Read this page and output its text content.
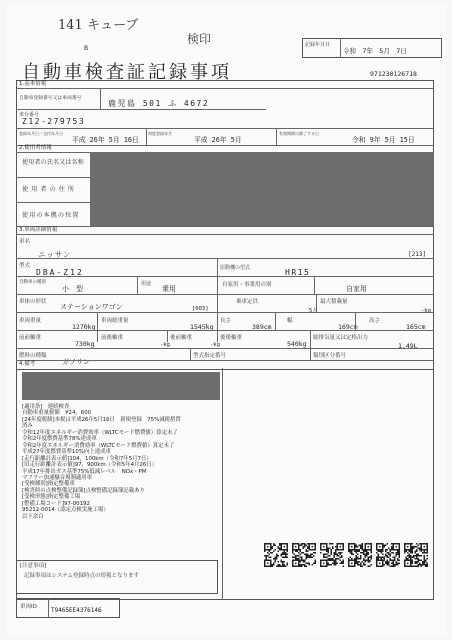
141 キューブ
検印
B	記録年月日
令和　7年　5月　7日
自動車検査証記録事項	971230126718
1.基本情報
自動車登録番号又は車両番号
鹿児島 501 ふ 4672
車台番号
Z12-279753
登録年月日／交付年月日
平成 26年 5月 16日
初度登録年月
平成 26年 5月
有効期間の満了する日
令和 9年 5月 15日
2.使用者情報
使用者の氏名又は名称
使用者の住所
使用の本拠の位置
3.車両詳細情報
車名
ニッサン	[213]
型式
DBA-Z12	原動機の型式	HR15
自動車の種別
小　型
用途
乗用	自家用・事業用の別	自家用
車体の形状
ステーションワゴン	[003]
乗車定員
5人
最大積載量
-kg
車両重量
1270kg
車両総重量
1545kg
長さ
389cm
幅
169cm
高さ
165cm
前前軸重
730kg
前後軸重
-kg
後前軸重
-kg
後後軸重
540kg
総排気量又は定格出力
1.49L
燃料の種類
ガソリン
型式指定番号	類別区分番号
4.備考
[適用条]　連続検査
自動車重量税額　¥24，600
[24年度税制]本税は平成26年5月16日　新規登録　75%減税措置
済み
令和12年度エネルギー消費効率（WLTCモード燃費値）算定未了
令和2年度燃費基準78%達成車
令和2年度エネルギー消費効率（WLTCモード燃費値）算定未了
平成27年度燃費基準10%向上達成車
[走行距離計表示値]104，100km（令和7年5月7日）
[旧走行距離計表示値]97，900km（令和5年4月26日）
平成17年排出ガス基準75%低減レベル　NOx・PM
マフラー加速騒音規制適用車
[受検種別]指定整備車
[検査時の点検整備記録簿]点検整備記録簿記載あり
[受検形態]指定整備工場
[整備工場コード]97-00192
95212-0014（認定点検実施工場）
以下余白
[注意事項]
記録事項はシステム登録時点の情報となります
車両ID T9465EE4376146
